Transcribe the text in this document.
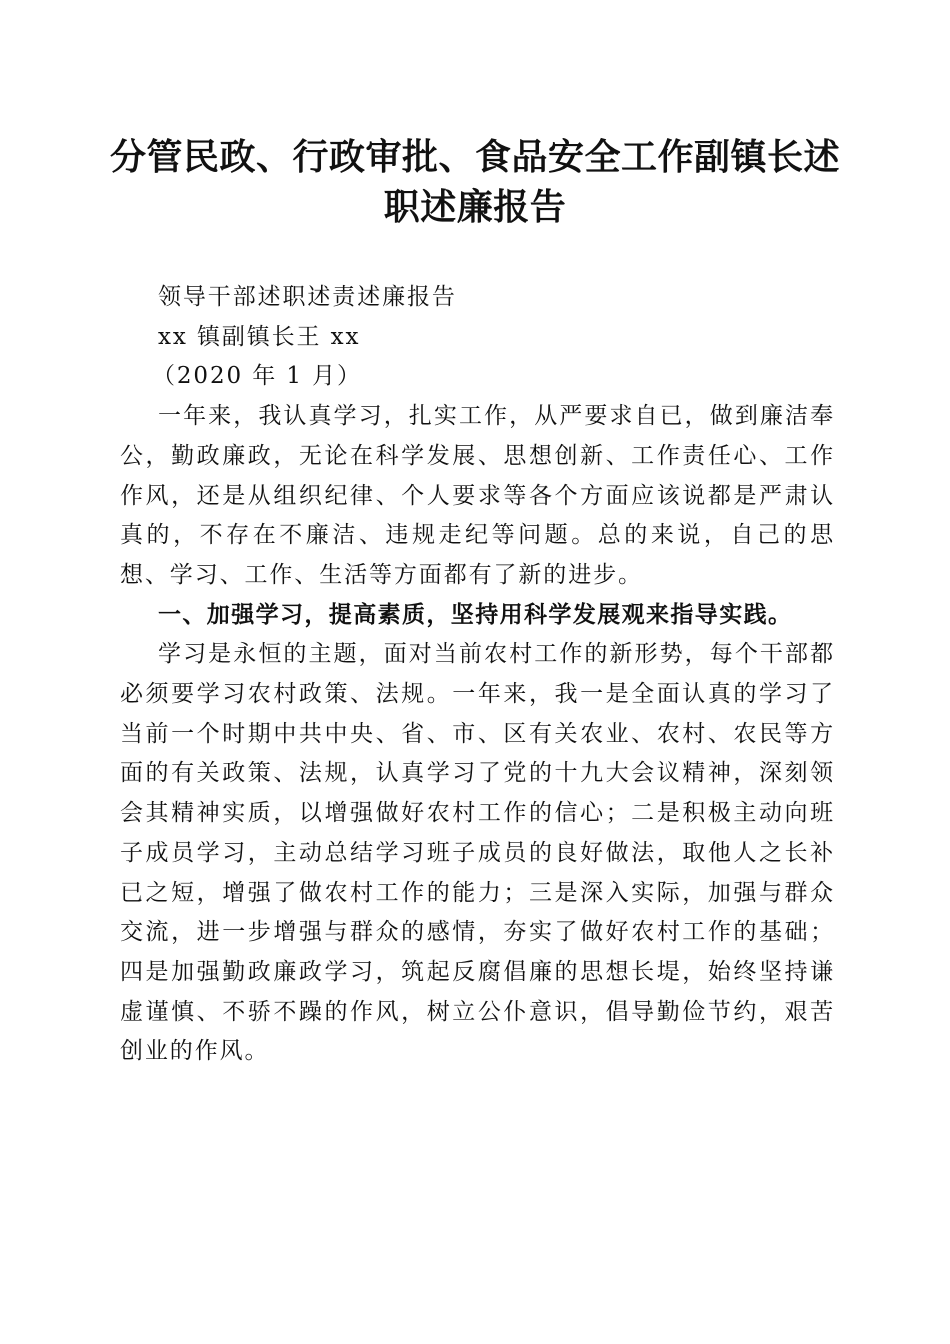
分管民政、行政审批、食品安全工作副镇长述
职述廉报告

领导干部述职述责述廉报告

xx 镇副镇长王 xx

（2020 年 1 月）

一年来，我认真学习，扎实工作，从严要求自已，做到廉洁奉公，勤政廉政，无论在科学发展、思想创新、工作责任心、工作作风，还是从组织纪律、个人要求等各个方面应该说都是严肃认真的，不存在不廉洁、违规走纪等问题。总的来说，自己的思想、学习、工作、生活等方面都有了新的进步。

一、加强学习，提高素质，坚持用科学发展观来指导实践。

学习是永恒的主题，面对当前农村工作的新形势，每个干部都必须要学习农村政策、法规。一年来，我一是全面认真的学习了当前一个时期中共中央、省、市、区有关农业、农村、农民等方面的有关政策、法规，认真学习了党的十九大会议精神，深刻领会其精神实质，以增强做好农村工作的信心；二是积极主动向班子成员学习，主动总结学习班子成员的良好做法，取他人之长补已之短，增强了做农村工作的能力；三是深入实际，加强与群众交流，进一步增强与群众的感情，夯实了做好农村工作的基础；四是加强勤政廉政学习，筑起反腐倡廉的思想长堤，始终坚持谦虚谨慎、不骄不躁的作风，树立公仆意识，倡导勤俭节约，艰苦创业的作风。
